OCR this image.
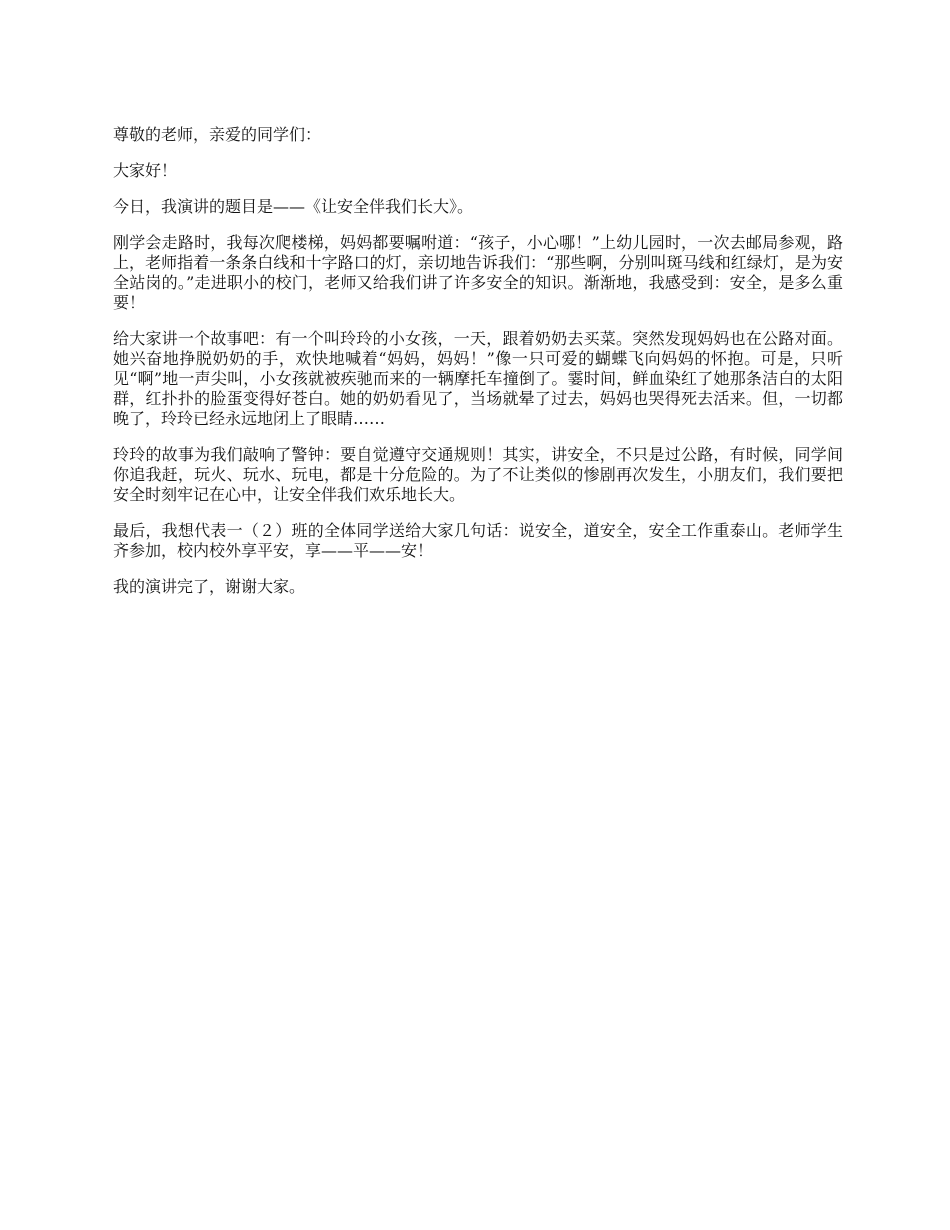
尊敬的老师，亲爱的同学们：

大家好！

今日，我演讲的题目是——《让安全伴我们长大》。

刚学会走路时，我每次爬楼梯，妈妈都要嘱咐道：“孩子，小心哪！”上幼儿园时，一次去邮局参观，路上，老师指着一条条白线和十字路口的灯，亲切地告诉我们：“那些啊，分别叫斑马线和红绿灯，是为安全站岗的。”走进职小的校门，老师又给我们讲了许多安全的知识。渐渐地，我感受到：安全，是多么重要！

给大家讲一个故事吧：有一个叫玲玲的小女孩，一天，跟着奶奶去买菜。突然发现妈妈也在公路对面。她兴奋地挣脱奶奶的手，欢快地喊着“妈妈，妈妈！”像一只可爱的蝴蝶飞向妈妈的怀抱。可是，只听见“啊”地一声尖叫，小女孩就被疾驰而来的一辆摩托车撞倒了。霎时间，鲜血染红了她那条洁白的太阳群，红扑扑的脸蛋变得好苍白。她的奶奶看见了，当场就晕了过去，妈妈也哭得死去活来。但，一切都晚了，玲玲已经永远地闭上了眼睛……

玲玲的故事为我们敲响了警钟：要自觉遵守交通规则！其实，讲安全，不只是过公路，有时候，同学间你追我赶，玩火、玩水、玩电，都是十分危险的。为了不让类似的惨剧再次发生，小朋友们，我们要把安全时刻牢记在心中，让安全伴我们欢乐地长大。

最后，我想代表一（２）班的全体同学送给大家几句话：说安全，道安全，安全工作重泰山。老师学生齐参加，校内校外享平安，享——平——安！

我的演讲完了，谢谢大家。
